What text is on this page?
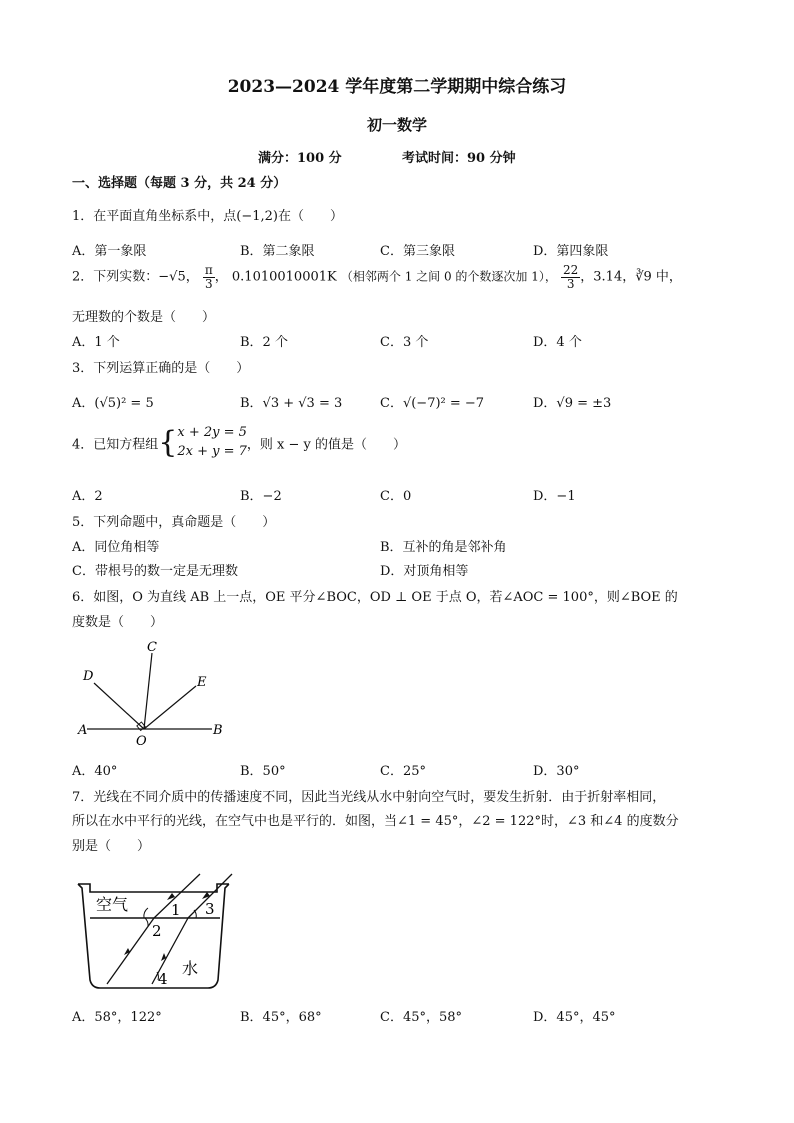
2023—2024 学年度第二学期期中综合练习
初一数学
满分：100 分	考试时间：90 分钟
一、选择题（每题 3 分，共 24 分）
1．在平面直角坐标系中，点(−1,2)在（　　）
A．第一象限	B．第二象限	C．第三象限	D．第四象限
2．下列实数：−√5， $\frac{\pi}{3}$ ， 0.1010010001K （相邻两个 1 之间 0 的个数逐次加 1）， $\frac{22}{3}$ ，3.14，∛9 中，
无理数的个数是（　　）
A．1 个	B．2 个	C．3 个	D．4 个
3．下列运算正确的是（　　）
A．(√5)² = 5	B．√3 + √3 = 3	C．√(−7)² = −7	D．√9 = ±3
4．已知方程组{ x + 2y = 5
2x + y = 7 ，则 x − y 的值是（　　）
A．2	B．−2	C．0	D．−1
5．下列命题中，真命题是（　　）
A．同位角相等	B．互补的角是邻补角
C．带根号的数一定是无理数	D．对顶角相等
6．如图，O 为直线 AB 上一点，OE 平分∠BOC，OD ⊥ OE 于点 O，若∠AOC = 100°，则∠BOE 的
度数是（　　）
A	B
C
D	E
O
A．40°	B．50°	C．25°	D．30°
7．光线在不同介质中的传播速度不同，因此当光线从水中射向空气时，要发生折射．由于折射率相同，
所以在水中平行的光线，在空气中也是平行的．如图，当∠1 = 45°，∠2 = 122°时，∠3 和∠4 的度数分
别是（　　）
空气
水
1
2
3
4
A．58°，122°	B．45°，68°	C．45°，58°	D．45°，45°
